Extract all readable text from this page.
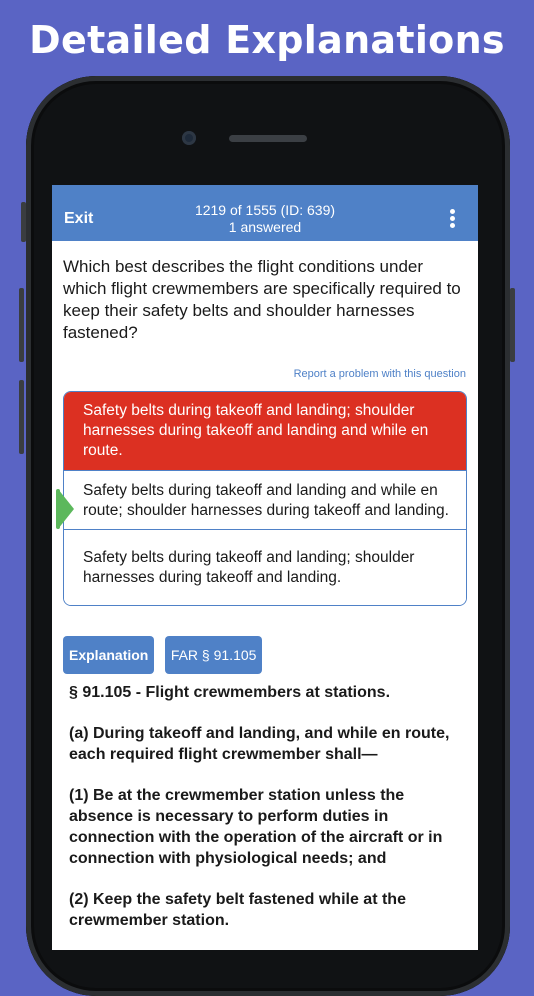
Detailed Explanations
Exit	1219 of 1555 (ID: 639)
1 answered
Which best describes the flight conditions under which flight crewmembers are specifically required to keep their safety belts and shoulder harnesses fastened?
Report a problem with this question
Safety belts during takeoff and landing; shoulder harnesses during takeoff and landing and while en route.
Safety belts during takeoff and landing and while en route; shoulder harnesses during takeoff and landing.
Safety belts during takeoff and landing; shoulder harnesses during takeoff and landing.
Explanation FAR § 91.105

§ 91.105 - Flight crewmembers at stations.

(a) During takeoff and landing, and while en route, each required flight crewmember shall—

(1) Be at the crewmember station unless the absence is necessary to perform duties in connection with the operation of the aircraft or in connection with physiological needs; and

(2) Keep the safety belt fastened while at the crewmember station.
